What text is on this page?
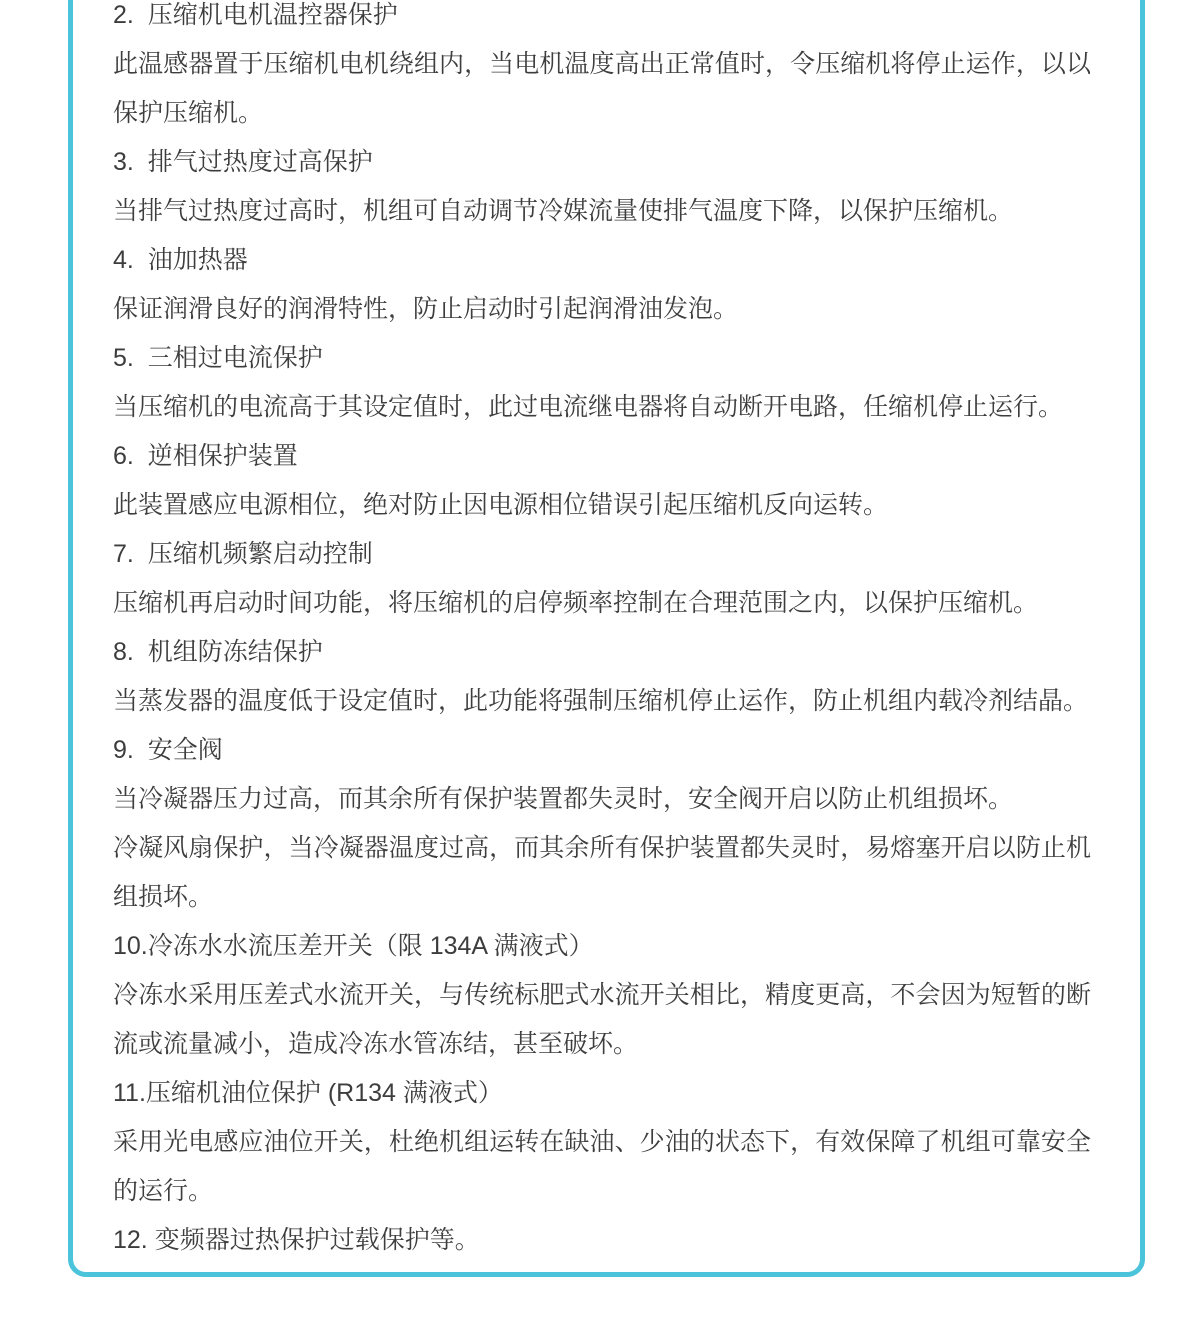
2.  压缩机电机温控器保护

此温感器置于压缩机电机绕组内，当电机温度高出正常值时，令压缩机将停止运作，以以保护压缩机。

3.  排气过热度过高保护

当排气过热度过高时，机组可自动调节冷媒流量使排气温度下降，以保护压缩机。

4.  油加热器

保证润滑良好的润滑特性，防止启动时引起润滑油发泡。

5.  三相过电流保护

当压缩机的电流高于其设定值时，此过电流继电器将自动断开电路，任缩机停止运行。

6.  逆相保护装置

此装置感应电源相位，绝对防止因电源相位错误引起压缩机反向运转。

7.  压缩机频繁启动控制

压缩机再启动时间功能，将压缩机的启停频率控制在合理范围之内，以保护压缩机。

8.  机组防冻结保护

当蒸发器的温度低于设定值时，此功能将强制压缩机停止运作，防止机组内载冷剂结晶。

9.  安全阀

当冷凝器压力过高，而其余所有保护装置都失灵时，安全阀开启以防止机组损坏。

冷凝风扇保护，当冷凝器温度过高，而其余所有保护装置都失灵时，易熔塞开启以防止机组损坏。

10.冷冻水水流压差开关（限 134A 满液式）

冷冻水采用压差式水流开关，与传统标肥式水流开关相比，精度更高，不会因为短暂的断流或流量减小，造成冷冻水管冻结，甚至破坏。

11.压缩机油位保护 (R134 满液式）

采用光电感应油位开关，杜绝机组运转在缺油、少油的状态下，有效保障了机组可靠安全的运行。

12. 变频器过热保护过载保护等。
